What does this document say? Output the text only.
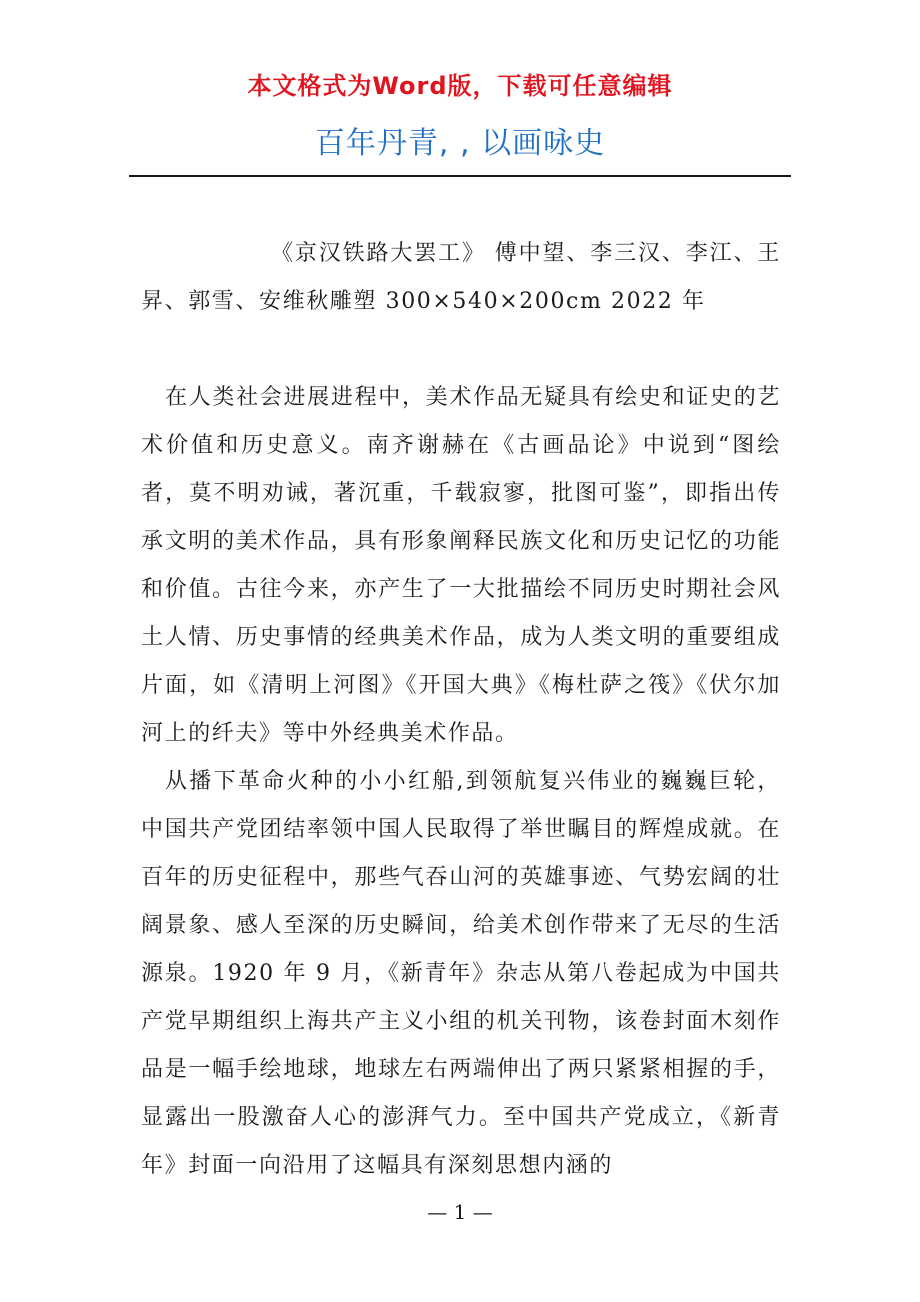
本文格式为Word版，下载可任意编辑
百年丹青, , 以画咏史

《京汉铁路大罢工》 傅中望、李三汉、李江、王昇、郭雪、安维秋雕塑 300×540×200cm 2022 年

在人类社会进展进程中，美术作品无疑具有绘史和证史的艺术价值和历史意义。南齐谢赫在《古画品论》中说到“图绘者，莫不明劝诫，著沉重，千载寂寥，批图可鉴”，即指出传承文明的美术作品，具有形象阐释民族文化和历史记忆的功能和价值。古往今来，亦产生了一大批描绘不同历史时期社会风土人情、历史事情的经典美术作品，成为人类文明的重要组成片面，如《清明上河图》《开国大典》《梅杜萨之筏》《伏尔加河上的纤夫》等中外经典美术作品。

从播下革命火种的小小红船,到领航复兴伟业的巍巍巨轮，中国共产党团结率领中国人民取得了举世瞩目的辉煌成就。在百年的历史征程中，那些气吞山河的英雄事迹、气势宏阔的壮阔景象、感人至深的历史瞬间，给美术创作带来了无尽的生活源泉。1920 年 9 月，《新青年》杂志从第八卷起成为中国共产党早期组织上海共产主义小组的机关刊物，该卷封面木刻作品是一幅手绘地球，地球左右两端伸出了两只紧紧相握的手，显露出一股激奋人心的澎湃气力。至中国共产党成立，《新青年》封面一向沿用了这幅具有深刻思想内涵的

— 1 —
